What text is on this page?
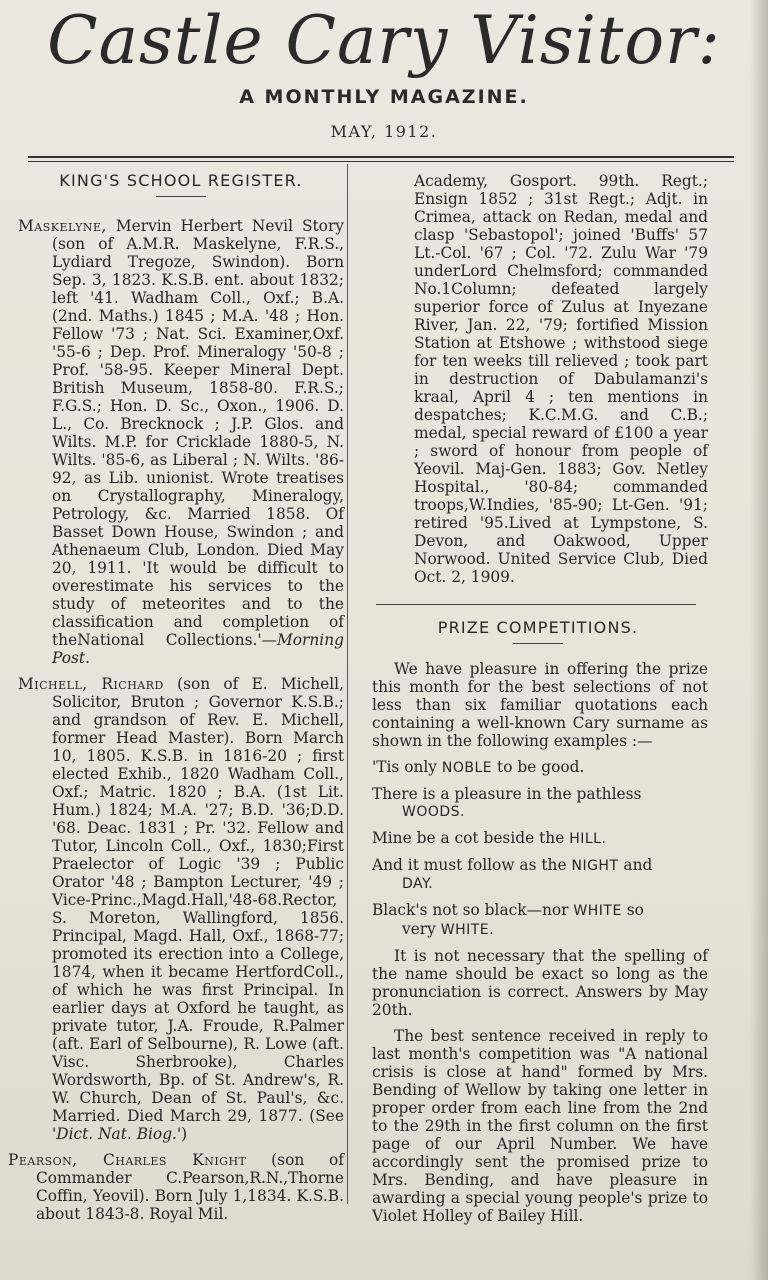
Castle Cary Visitor:
A MONTHLY MAGAZINE.
MAY, 1912.
KING'S SCHOOL REGISTER.

Maskelyne, Mervin Herbert Nevil Story (son of A.M.R. Maskelyne, F.R.S., Lydiard Tregoze, Swindon). Born Sep. 3, 1823. K.S.B. ent. about 1832; left '41. Wadham Coll., Oxf.; B.A. (2nd. Maths.) 1845 ; M.A. '48 ; Hon. Fellow '73 ; Nat. Sci. Examiner,Oxf. '55-6 ; Dep. Prof. Mineralogy '50-8 ; Prof. '58-95. Keeper Mineral Dept. British Museum, 1858-80. F.R.S.; F.G.S.; Hon. D. Sc., Oxon., 1906. D. L., Co. Brecknock ; J.P. Glos. and Wilts. M.P. for Cricklade 1880-5, N. Wilts. '85-6, as Liberal ; N. Wilts. '86-92, as Lib. unionist. Wrote treatises on Crystallography, Mineralogy, Petrology, &c. Married 1858. Of Basset Down House, Swindon ; and Athenaeum Club, London. Died May 20, 1911. 'It would be difficult to overestimate his services to the study of meteorites and to the classification and completion of theNational Collections.'—Morning Post.

Michell, Richard (son of E. Michell, Solicitor, Bruton ; Governor K.S.B.; and grandson of Rev. E. Michell, former Head Master). Born March 10, 1805. K.S.B. in 1816-20 ; first elected Exhib., 1820 Wadham Coll., Oxf.; Matric. 1820 ; B.A. (1st Lit. Hum.) 1824; M.A. '27; B.D. '36;D.D. '68. Deac. 1831 ; Pr. '32. Fellow and Tutor, Lincoln Coll., Oxf., 1830;First Praelector of Logic '39 ; Public Orator '48 ; Bampton Lecturer, '49 ; Vice-Princ.,Magd.Hall,'48-68.Rector, S. Moreton, Wallingford, 1856. Principal, Magd. Hall, Oxf., 1868-77; promoted its erection into a College, 1874, when it became HertfordColl., of which he was first Principal. In earlier days at Oxford he taught, as private tutor, J.A. Froude, R.Palmer (aft. Earl of Selbourne), R. Lowe (aft. Visc. Sherbrooke), Charles Wordsworth, Bp. of St. Andrew's, R. W. Church, Dean of St. Paul's, &c. Married. Died March 29, 1877. (See 'Dict. Nat. Biog.')

Pearson, Charles Knight (son of Commander C.Pearson,R.N.,Thorne Coffin, Yeovil). Born July 1,1834. K.S.B. about 1843-8. Royal Mil.

Academy, Gosport. 99th. Regt.; Ensign 1852 ; 31st Regt.; Adjt. in Crimea, attack on Redan, medal and clasp 'Sebastopol'; joined 'Buffs' 57 Lt.-Col. '67 ; Col. '72. Zulu War '79 underLord Chelmsford; commanded No.1Column; defeated largely superior force of Zulus at Inyezane River, Jan. 22, '79; fortified Mission Station at Etshowe ; withstood siege for ten weeks till relieved ; took part in destruction of Dabulamanzi's kraal, April 4 ; ten mentions in despatches; K.C.M.G. and C.B.; medal, special reward of £100 a year ; sword of honour from people of Yeovil. Maj-Gen. 1883; Gov. Netley Hospital., '80-84; commanded troops,W.Indies, '85-90; Lt-Gen. '91; retired '95.Lived at Lympstone, S. Devon, and Oakwood, Upper Norwood. United Service Club, Died Oct. 2, 1909.

PRIZE COMPETITIONS.

We have pleasure in offering the prize this month for the best selections of not less than six familiar quotations each containing a well-known Cary surname as shown in the following examples :—

'Tis only NOBLE to be good.

There is a pleasure in the pathless
WOODS.

Mine be a cot beside the HILL.

And it must follow as the NIGHT and
DAY.

Black's not so black—nor WHITE so
very WHITE.

It is not necessary that the spelling of the name should be exact so long as the pronunciation is correct. Answers by May 20th.

The best sentence received in reply to last month's competition was "A national crisis is close at hand" formed by Mrs. Bending of Wellow by taking one letter in proper order from each line from the 2nd to the 29th in the first column on the first page of our April Number. We have accordingly sent the promised prize to Mrs. Bending, and have pleasure in awarding a special young people's prize to Violet Holley of Bailey Hill.
